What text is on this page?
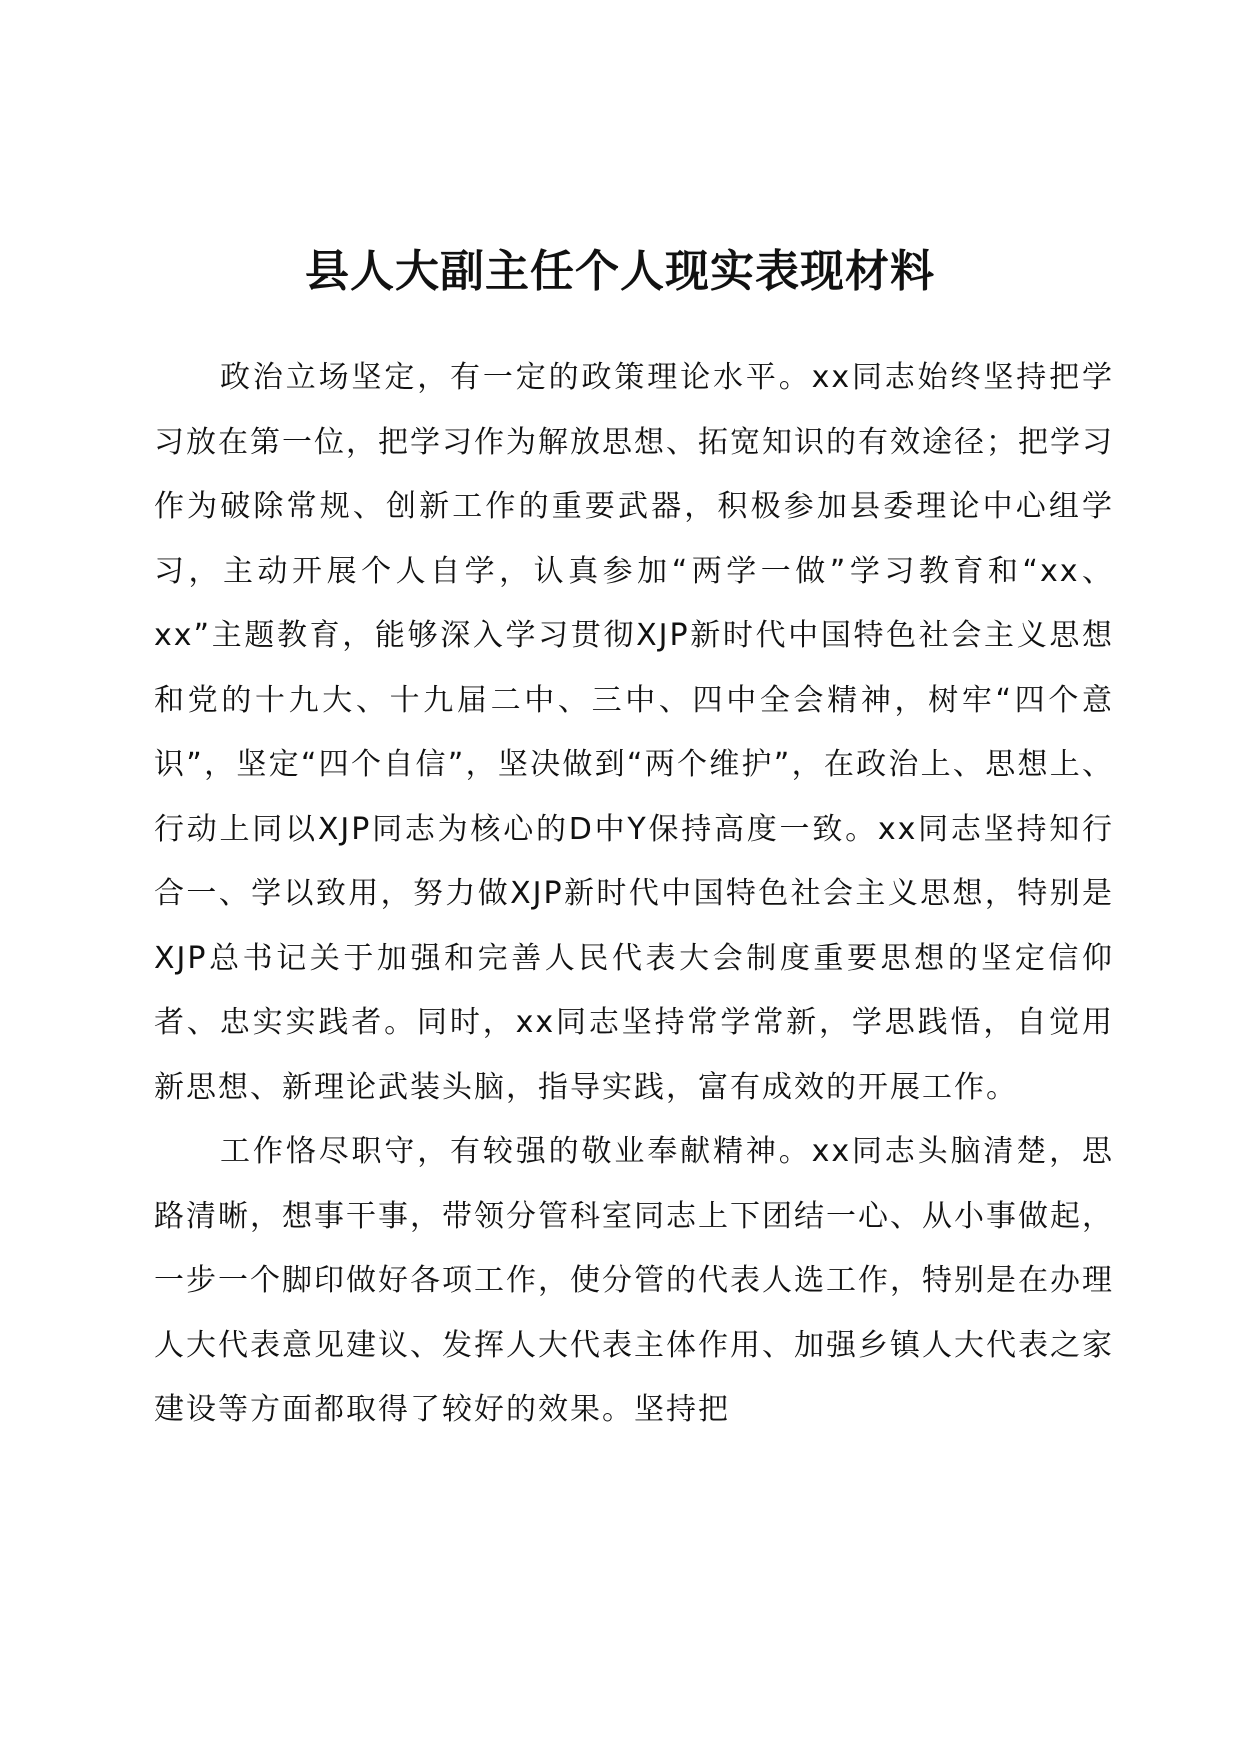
县人大副主任个人现实表现材料

政治立场坚定，有一定的政策理论水平。xx同志始终坚持把学习放在第一位，把学习作为解放思想、拓宽知识的有效途径；把学习作为破除常规、创新工作的重要武器，积极参加县委理论中心组学习，主动开展个人自学，认真参加“两学一做”学习教育和“xx、xx”主题教育，能够深入学习贯彻XJP新时代中国特色社会主义思想和党的十九大、十九届二中、三中、四中全会精神，树牢“四个意识”，坚定“四个自信”，坚决做到“两个维护”，在政治上、思想上、行动上同以XJP同志为核心的D中Y保持高度一致。xx同志坚持知行合一、学以致用，努力做XJP新时代中国特色社会主义思想，特别是XJP总书记关于加强和完善人民代表大会制度重要思想的坚定信仰者、忠实实践者。同时，xx同志坚持常学常新，学思践悟，自觉用新思想、新理论武装头脑，指导实践，富有成效的开展工作。

工作恪尽职守，有较强的敬业奉献精神。xx同志头脑清楚，思路清晰，想事干事，带领分管科室同志上下团结一心、从小事做起，一步一个脚印做好各项工作，使分管的代表人选工作，特别是在办理人大代表意见建议、发挥人大代表主体作用、加强乡镇人大代表之家建设等方面都取得了较好的效果。坚持把
